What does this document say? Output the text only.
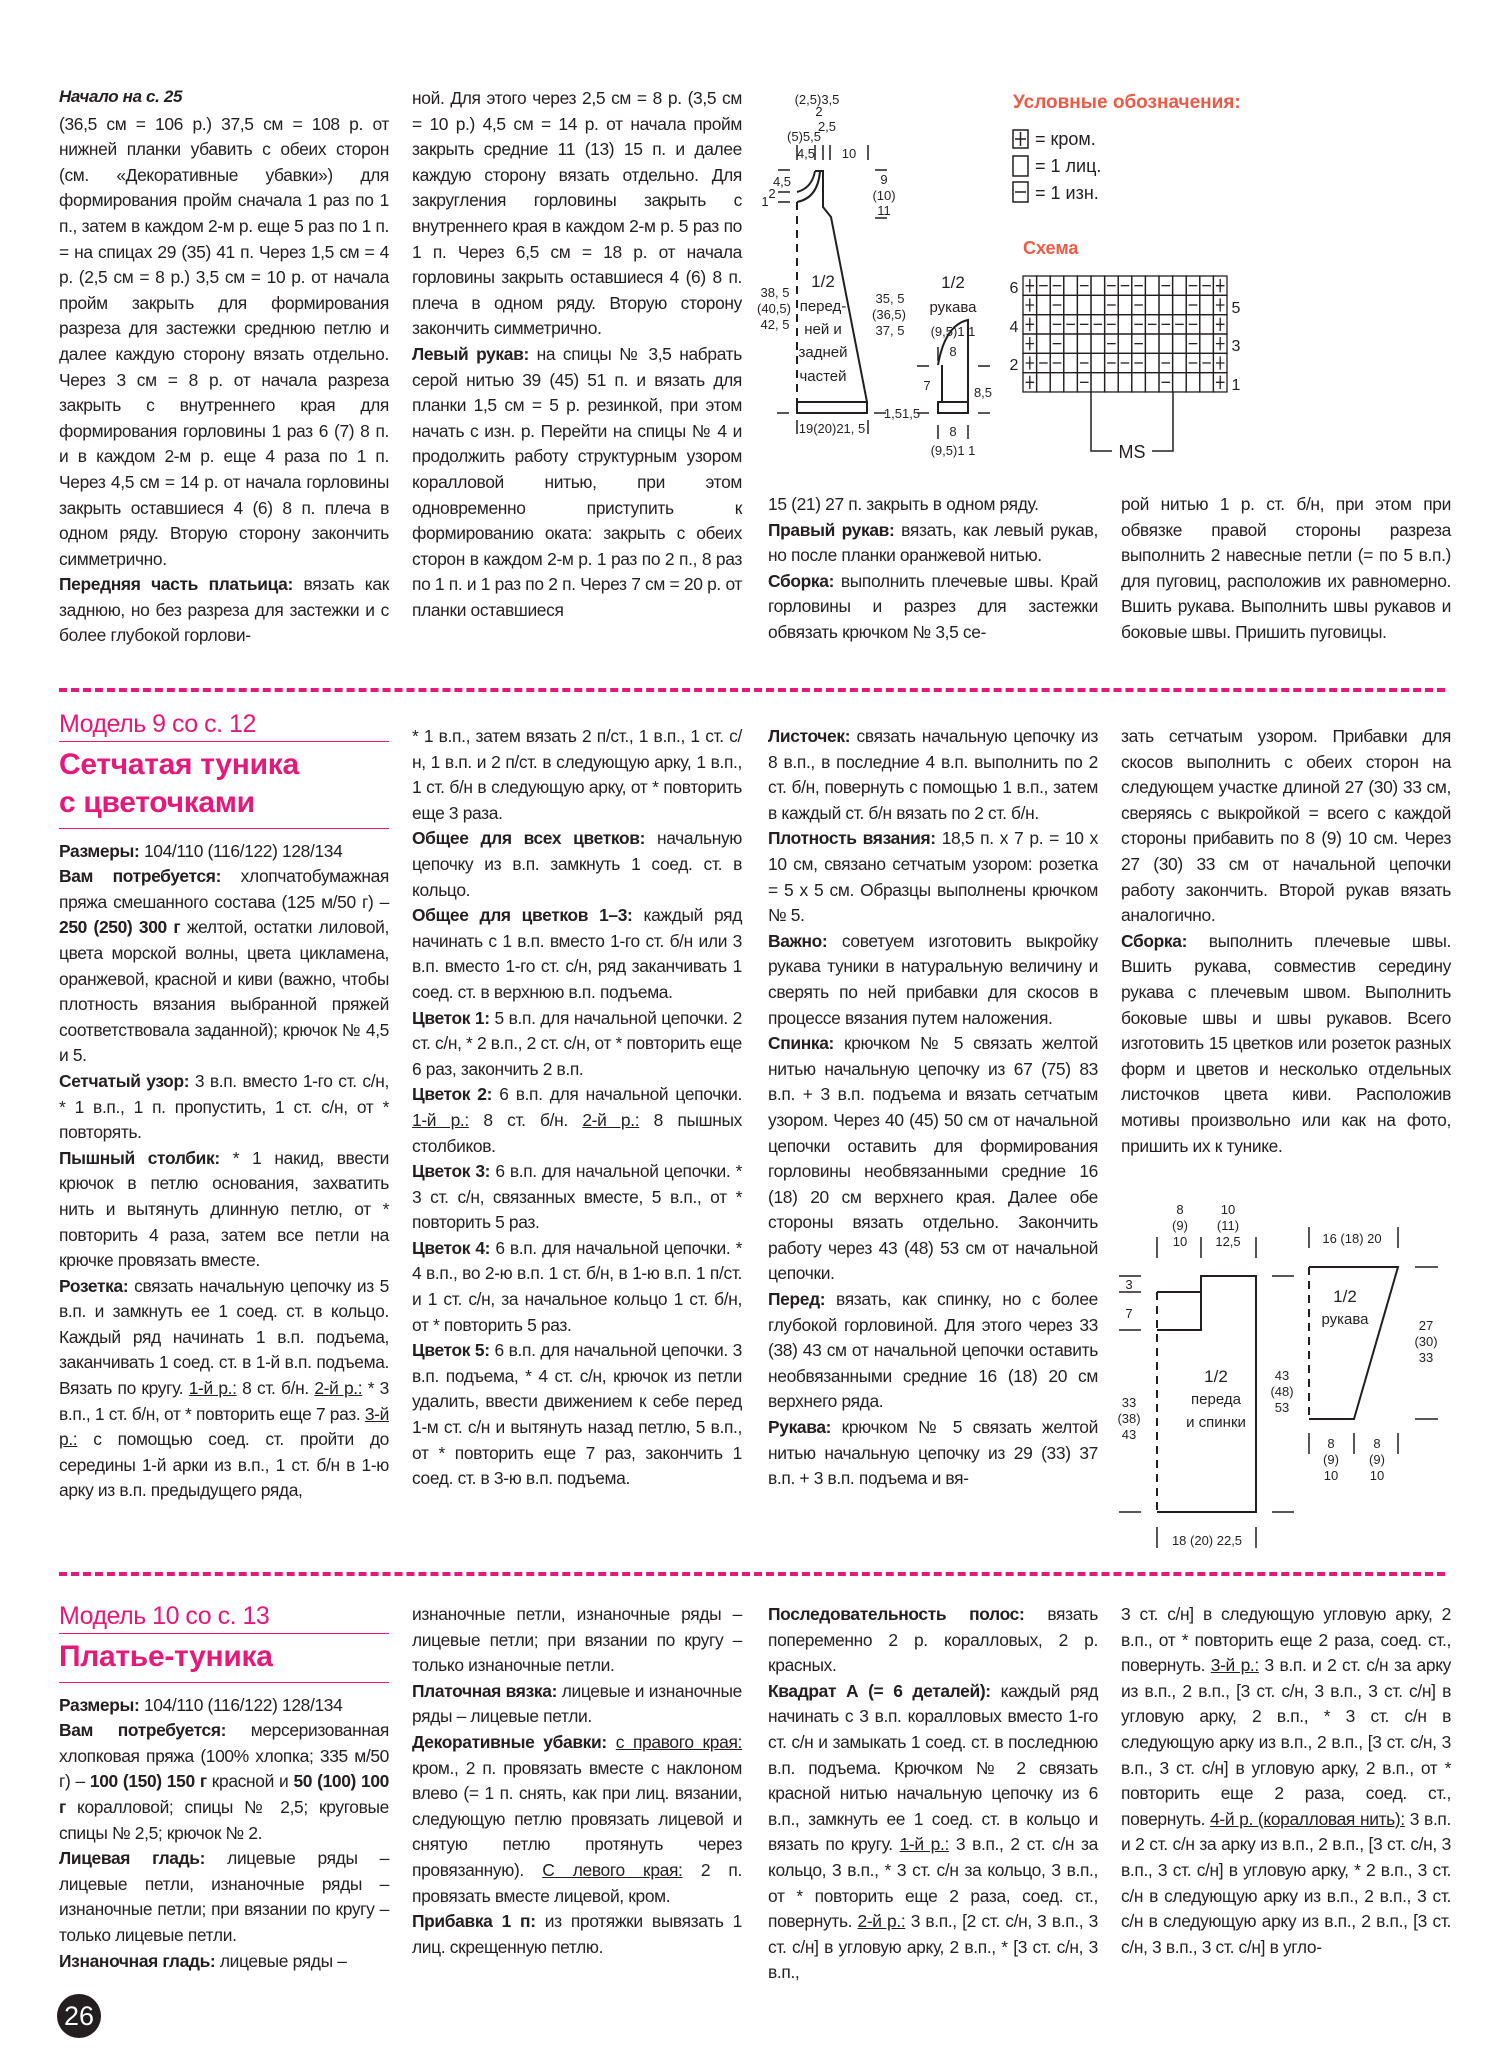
Начало на с. 25

(36,5 см = 106 р.) 37,5 см = 108 р. от нижней планки убавить с обеих сторон (см. «Декоративные убавки») для формирования пройм сначала 1 раз по 1 п., затем в каждом 2-м р. еще 5 раз по 1 п. = на спицах 29 (35) 41 п. Через 1,5 см = 4 р. (2,5 см = 8 р.) 3,5 см = 10 р. от начала пройм закрыть для формирования разреза для застежки среднюю петлю и далее каждую сторону вязать отдельно. Через 3 см = 8 р. от начала разреза закрыть с внутреннего края для формирования горловины 1 раз 6 (7) 8 п. и в каждом 2-м р. еще 4 раза по 1 п. Через 4,5 см = 14 р. от начала горловины закрыть оставшиеся 4 (6) 8 п. плеча в одном ряду. Вторую сторону закончить симметрично.

Передняя часть платьица: вязать как заднюю, но без разреза для застежки и с более глубокой горлови-

ной. Для этого через 2,5 см = 8 р. (3,5 см = 10 р.) 4,5 см = 14 р. от начала пройм закрыть средние 11 (13) 15 п. и далее каждую сторону вязать отдельно. Для закругления горловины закрыть с внутреннего края в каждом 2-м р. 5 раз по 1 п. Через 6,5 см = 18 р. от начала горловины закрыть оставшиеся 4 (6) 8 п. плеча в одном ряду. Вторую сторону закончить симметрично.

Левый рукав: на спицы № 3,5 набрать серой нитью 39 (45) 51 п. и вязать для планки 1,5 см = 5 р. резинкой, при этом начать с изн. р. Перейти на спицы № 4 и продолжить работу структурным узором коралловой нитью, при этом одновременно приступить к формированию оката: закрыть с обеих сторон в каждом 2-м р. 1 раз по 2 п., 8 раз по 1 п. и 1 раз по 2 п. Через 7 см = 20 р. от планки оставшиеся

15 (21) 27 п. закрыть в одном ряду.

Правый рукав: вязать, как левый рукав, но после планки оранжевой нитью.

Сборка: выполнить плечевые швы. Край горловины и разрез для застежки обвязать крючком № 3,5 се-

рой нитью 1 р. ст. б/н, при этом при обвязке правой стороны разреза выполнить 2 навесные петли (= по 5 в.п.) для пуговиц, расположив их равномерно. Вшить рукава. Выполнить швы рукавов и боковые швы. Пришить пуговицы.

Модель 9 со с. 12
Сетчатая туника
с цветочками

Размеры: 104/110 (116/122) 128/134

Вам потребуется: хлопчатобумажная пряжа смешанного состава (125 м/50 г) – 250 (250) 300 г желтой, остатки лиловой, цвета морской волны, цвета цикламена, оранжевой, красной и киви (важно, чтобы плотность вязания выбранной пряжей соответствовала заданной); крючок № 4,5 и 5.

Сетчатый узор: 3 в.п. вместо 1-го ст. с/н, * 1 в.п., 1 п. пропустить, 1 ст. с/н, от * повторять.

Пышный столбик: * 1 накид, ввести крючок в петлю основания, захватить нить и вытянуть длинную петлю, от * повторить 4 раза, затем все петли на крючке провязать вместе.

Розетка: связать начальную цепочку из 5 в.п. и замкнуть ее 1 соед. ст. в кольцо. Каждый ряд начинать 1 в.п. подъема, заканчивать 1 соед. ст. в 1-й в.п. подъема. Вязать по кругу. 1-й р.: 8 ст. б/н. 2-й р.: * 3 в.п., 1 ст. б/н, от * повторить еще 7 раз. 3-й р.: с помощью соед. ст. пройти до середины 1-й арки из в.п., 1 ст. б/н в 1-ю арку из в.п. предыдущего ряда,

* 1 в.п., затем вязать 2 п/ст., 1 в.п., 1 ст. с/н, 1 в.п. и 2 п/ст. в следующую арку, 1 в.п., 1 ст. б/н в следующую арку, от * повторить еще 3 раза.

Общее для всех цветков: начальную цепочку из в.п. замкнуть 1 соед. ст. в кольцо.

Общее для цветков 1–3: каждый ряд начинать с 1 в.п. вместо 1-го ст. б/н или 3 в.п. вместо 1-го ст. с/н, ряд заканчивать 1 соед. ст. в верхнюю в.п. подъема.

Цветок 1: 5 в.п. для начальной цепочки. 2 ст. с/н, * 2 в.п., 2 ст. с/н, от * повторить еще 6 раз, закончить 2 в.п.

Цветок 2: 6 в.п. для начальной цепочки. 1-й р.: 8 ст. б/н. 2-й р.: 8 пышных столбиков.

Цветок 3: 6 в.п. для начальной цепочки. * 3 ст. с/н, связанных вместе, 5 в.п., от * повторить 5 раз.

Цветок 4: 6 в.п. для начальной цепочки. * 4 в.п., во 2-ю в.п. 1 ст. б/н, в 1-ю в.п. 1 п/ст. и 1 ст. с/н, за начальное кольцо 1 ст. б/н, от * повторить 5 раз.

Цветок 5: 6 в.п. для начальной цепочки. 3 в.п. подъема, * 4 ст. с/н, крючок из петли удалить, ввести движением к себе перед 1-м ст. с/н и вытянуть назад петлю, 5 в.п., от * повторить еще 7 раз, закончить 1 соед. ст. в 3-ю в.п. подъема.

Листочек: связать начальную цепочку из 8 в.п., в последние 4 в.п. выполнить по 2 ст. б/н, повернуть с помощью 1 в.п., затем в каждый ст. б/н вязать по 2 ст. б/н.

Плотность вязания: 18,5 п. х 7 р. = 10 х 10 см, связано сетчатым узором: розетка = 5 х 5 см. Образцы выполнены крючком № 5.

Важно: советуем изготовить выкройку рукава туники в натуральную величину и сверять по ней прибавки для скосов в процессе вязания путем наложения.

Спинка: крючком № 5 связать желтой нитью начальную цепочку из 67 (75) 83 в.п. + 3 в.п. подъема и вязать сетчатым узором. Через 40 (45) 50 см от начальной цепочки оставить для формирования горловины необвязанными средние 16 (18) 20 см верхнего края. Далее обе стороны вязать отдельно. Закончить работу через 43 (48) 53 см от начальной цепочки.

Перед: вязать, как спинку, но с более глубокой горловиной. Для этого через 33 (38) 43 см от начальной цепочки оставить необвязанными средние 16 (18) 20 см верхнего ряда.

Рукава: крючком № 5 связать желтой нитью начальную цепочку из 29 (33) 37 в.п. + 3 в.п. подъема и вя-

зать сетчатым узором. Прибавки для скосов выполнить с обеих сторон на следующем участке длиной 27 (30) 33 см, сверяясь с выкройкой = всего с каждой стороны прибавить по 8 (9) 10 см. Через 27 (30) 33 см от начальной цепочки работу закончить. Второй рукав вязать аналогично.

Сборка: выполнить плечевые швы. Вшить рукава, совместив середину рукава с плечевым швом. Выполнить боковые швы и швы рукавов. Всего изготовить 15 цветков или розеток разных форм и цветов и несколько отдельных листочков цвета киви. Расположив мотивы произвольно или как на фото, пришить их к тунике.

Модель 10 со с. 13
Платье-туника

Размеры: 104/110 (116/122) 128/134

Вам потребуется: мерсеризованная хлопковая пряжа (100% хлопка; 335 м/50 г) – 100 (150) 150 г красной и 50 (100) 100 г коралловой; спицы № 2,5; круговые спицы № 2,5; крючок № 2.

Лицевая гладь: лицевые ряды – лицевые петли, изнаночные ряды – изнаночные петли; при вязании по кругу – только лицевые петли.

Изнаночная гладь: лицевые ряды –

изнаночные петли, изнаночные ряды – лицевые петли; при вязании по кругу – только изнаночные петли.

Платочная вязка: лицевые и изнаночные ряды – лицевые петли.

Декоративные убавки: с правого края: кром., 2 п. провязать вместе с наклоном влево (= 1 п. снять, как при лиц. вязании, следующую петлю провязать лицевой и снятую петлю протянуть через провязанную). С левого края: 2 п. провязать вместе лицевой, кром.

Прибавка 1 п: из протяжки вывязать 1 лиц. скрещенную петлю.

Последовательность полос: вязать попеременно 2 р. коралловых, 2 р. красных.

Квадрат А (= 6 деталей): каждый ряд начинать с 3 в.п. коралловых вместо 1-го ст. с/н и замыкать 1 соед. ст. в последнюю в.п. подъема. Крючком № 2 связать красной нитью начальную цепочку из 6 в.п., замкнуть ее 1 соед. ст. в кольцо и вязать по кругу. 1-й р.: 3 в.п., 2 ст. с/н за кольцо, 3 в.п., * 3 ст. с/н за кольцо, 3 в.п., от * повторить еще 2 раза, соед. ст., повернуть. 2-й р.: 3 в.п., [2 ст. с/н, 3 в.п., 3 ст. с/н] в угловую арку, 2 в.п., * [3 ст. с/н, 3 в.п.,

3 ст. с/н] в следующую угловую арку, 2 в.п., от * повторить еще 2 раза, соед. ст., повернуть. 3-й р.: 3 в.п. и 2 ст. с/н за арку из в.п., 2 в.п., [3 ст. с/н, 3 в.п., 3 ст. с/н] в угловую арку, 2 в.п., * 3 ст. с/н в следующую арку из в.п., 2 в.п., [3 ст. с/н, 3 в.п., 3 ст. с/н] в угловую арку, 2 в.п., от * повторить еще 2 раза, соед. ст., повернуть. 4-й р. (коралловая нить): 3 в.п. и 2 ст. с/н за арку из в.п., 2 в.п., [3 ст. с/н, 3 в.п., 3 ст. с/н] в угловую арку, * 2 в.п., 3 ст. с/н в следующую арку из в.п., 2 в.п., 3 ст. с/н в следующую арку из в.п., 2 в.п., [3 ст. с/н, 3 в.п., 3 ст. с/н] в угло-

26
(2,5)3,5
2
2,5
(5)5,5
4,5 10
4,5
1
2
9
(10)
11
38, 5
(40,5)
42, 5
1/2
перед-
ней и
задней
частей
35, 5
(36,5)
37, 5
19(20)21, 5
1,51,5
1/2
рукава
(9,5)1 1
8
7	8,5
8
(9,5)1 1
Условные обозначения:
= кром.
= 1 лиц.
= 1 изн.
Схема
6
4
2
5
3
1
MS
8
(9)
10
10
(11)
12,5
3
7
33
(38)
43
1/2
переда
и спинки
43
(48)
53
18 (20) 22,5
16 (18) 20
1/2
рукава	27
(30)
33
8
(9)
10
8
(9)
10
